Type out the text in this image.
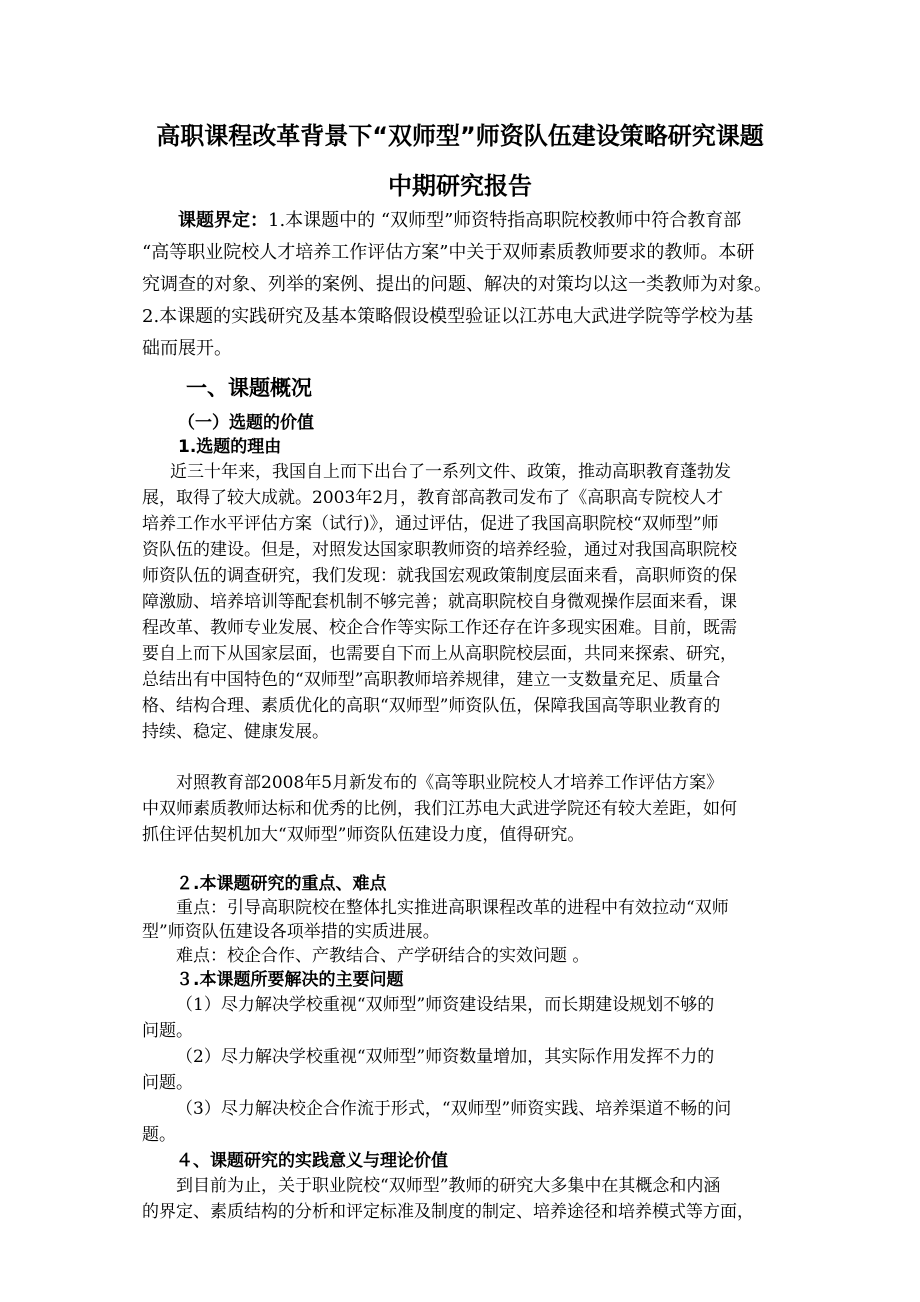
高职课程改革背景下“双师型”师资队伍建设策略研究课题
中期研究报告
课题界定：1.本课题中的 “双师型”师资特指高职院校教师中符合教育部
“高等职业院校人才培养工作评估方案”中关于双师素质教师要求的教师。本研
究调查的对象、列举的案例、提出的问题、解决的对策均以这一类教师为对象。
2.本课题的实践研究及基本策略假设模型验证以江苏电大武进学院等学校为基
础而展开。
一、课题概况
（一）选题的价值
1.选题的理由
近三十年来，我国自上而下出台了一系列文件、政策，推动高职教育蓬勃发
展，取得了较大成就。2003年2月，教育部高教司发布了《高职高专院校人才
培养工作水平评估方案（试行)》，通过评估，促进了我国高职院校“双师型”师
资队伍的建设。但是，对照发达国家职教师资的培养经验，通过对我国高职院校
师资队伍的调查研究，我们发现：就我国宏观政策制度层面来看，高职师资的保
障激励、培养培训等配套机制不够完善；就高职院校自身微观操作层面来看，课
程改革、教师专业发展、校企合作等实际工作还存在许多现实困难。目前，既需
要自上而下从国家层面，也需要自下而上从高职院校层面，共同来探索、研究，
总结出有中国特色的“双师型”高职教师培养规律，建立一支数量充足、质量合
格、结构合理、素质优化的高职“双师型”师资队伍，保障我国高等职业教育的
持续、稳定、健康发展。
对照教育部2008年5月新发布的《高等职业院校人才培养工作评估方案》
中双师素质教师达标和优秀的比例，我们江苏电大武进学院还有较大差距，如何
抓住评估契机加大“双师型”师资队伍建设力度，值得研究。
２.本课题研究的重点、难点
重点：引导高职院校在整体扎实推进高职课程改革的进程中有效拉动“双师
型”师资队伍建设各项举措的实质进展。
难点：校企合作、产教结合、产学研结合的实效问题 。
３.本课题所要解决的主要问题
（1）尽力解决学校重视“双师型”师资建设结果，而长期建设规划不够的
问题。
（2）尽力解决学校重视“双师型”师资数量增加，其实际作用发挥不力的
问题。
（3）尽力解决校企合作流于形式，“双师型”师资实践、培养渠道不畅的问
题。
４、课题研究的实践意义与理论价值
到目前为止，关于职业院校“双师型”教师的研究大多集中在其概念和内涵
的界定、素质结构的分析和评定标准及制度的制定、培养途径和培养模式等方面，
